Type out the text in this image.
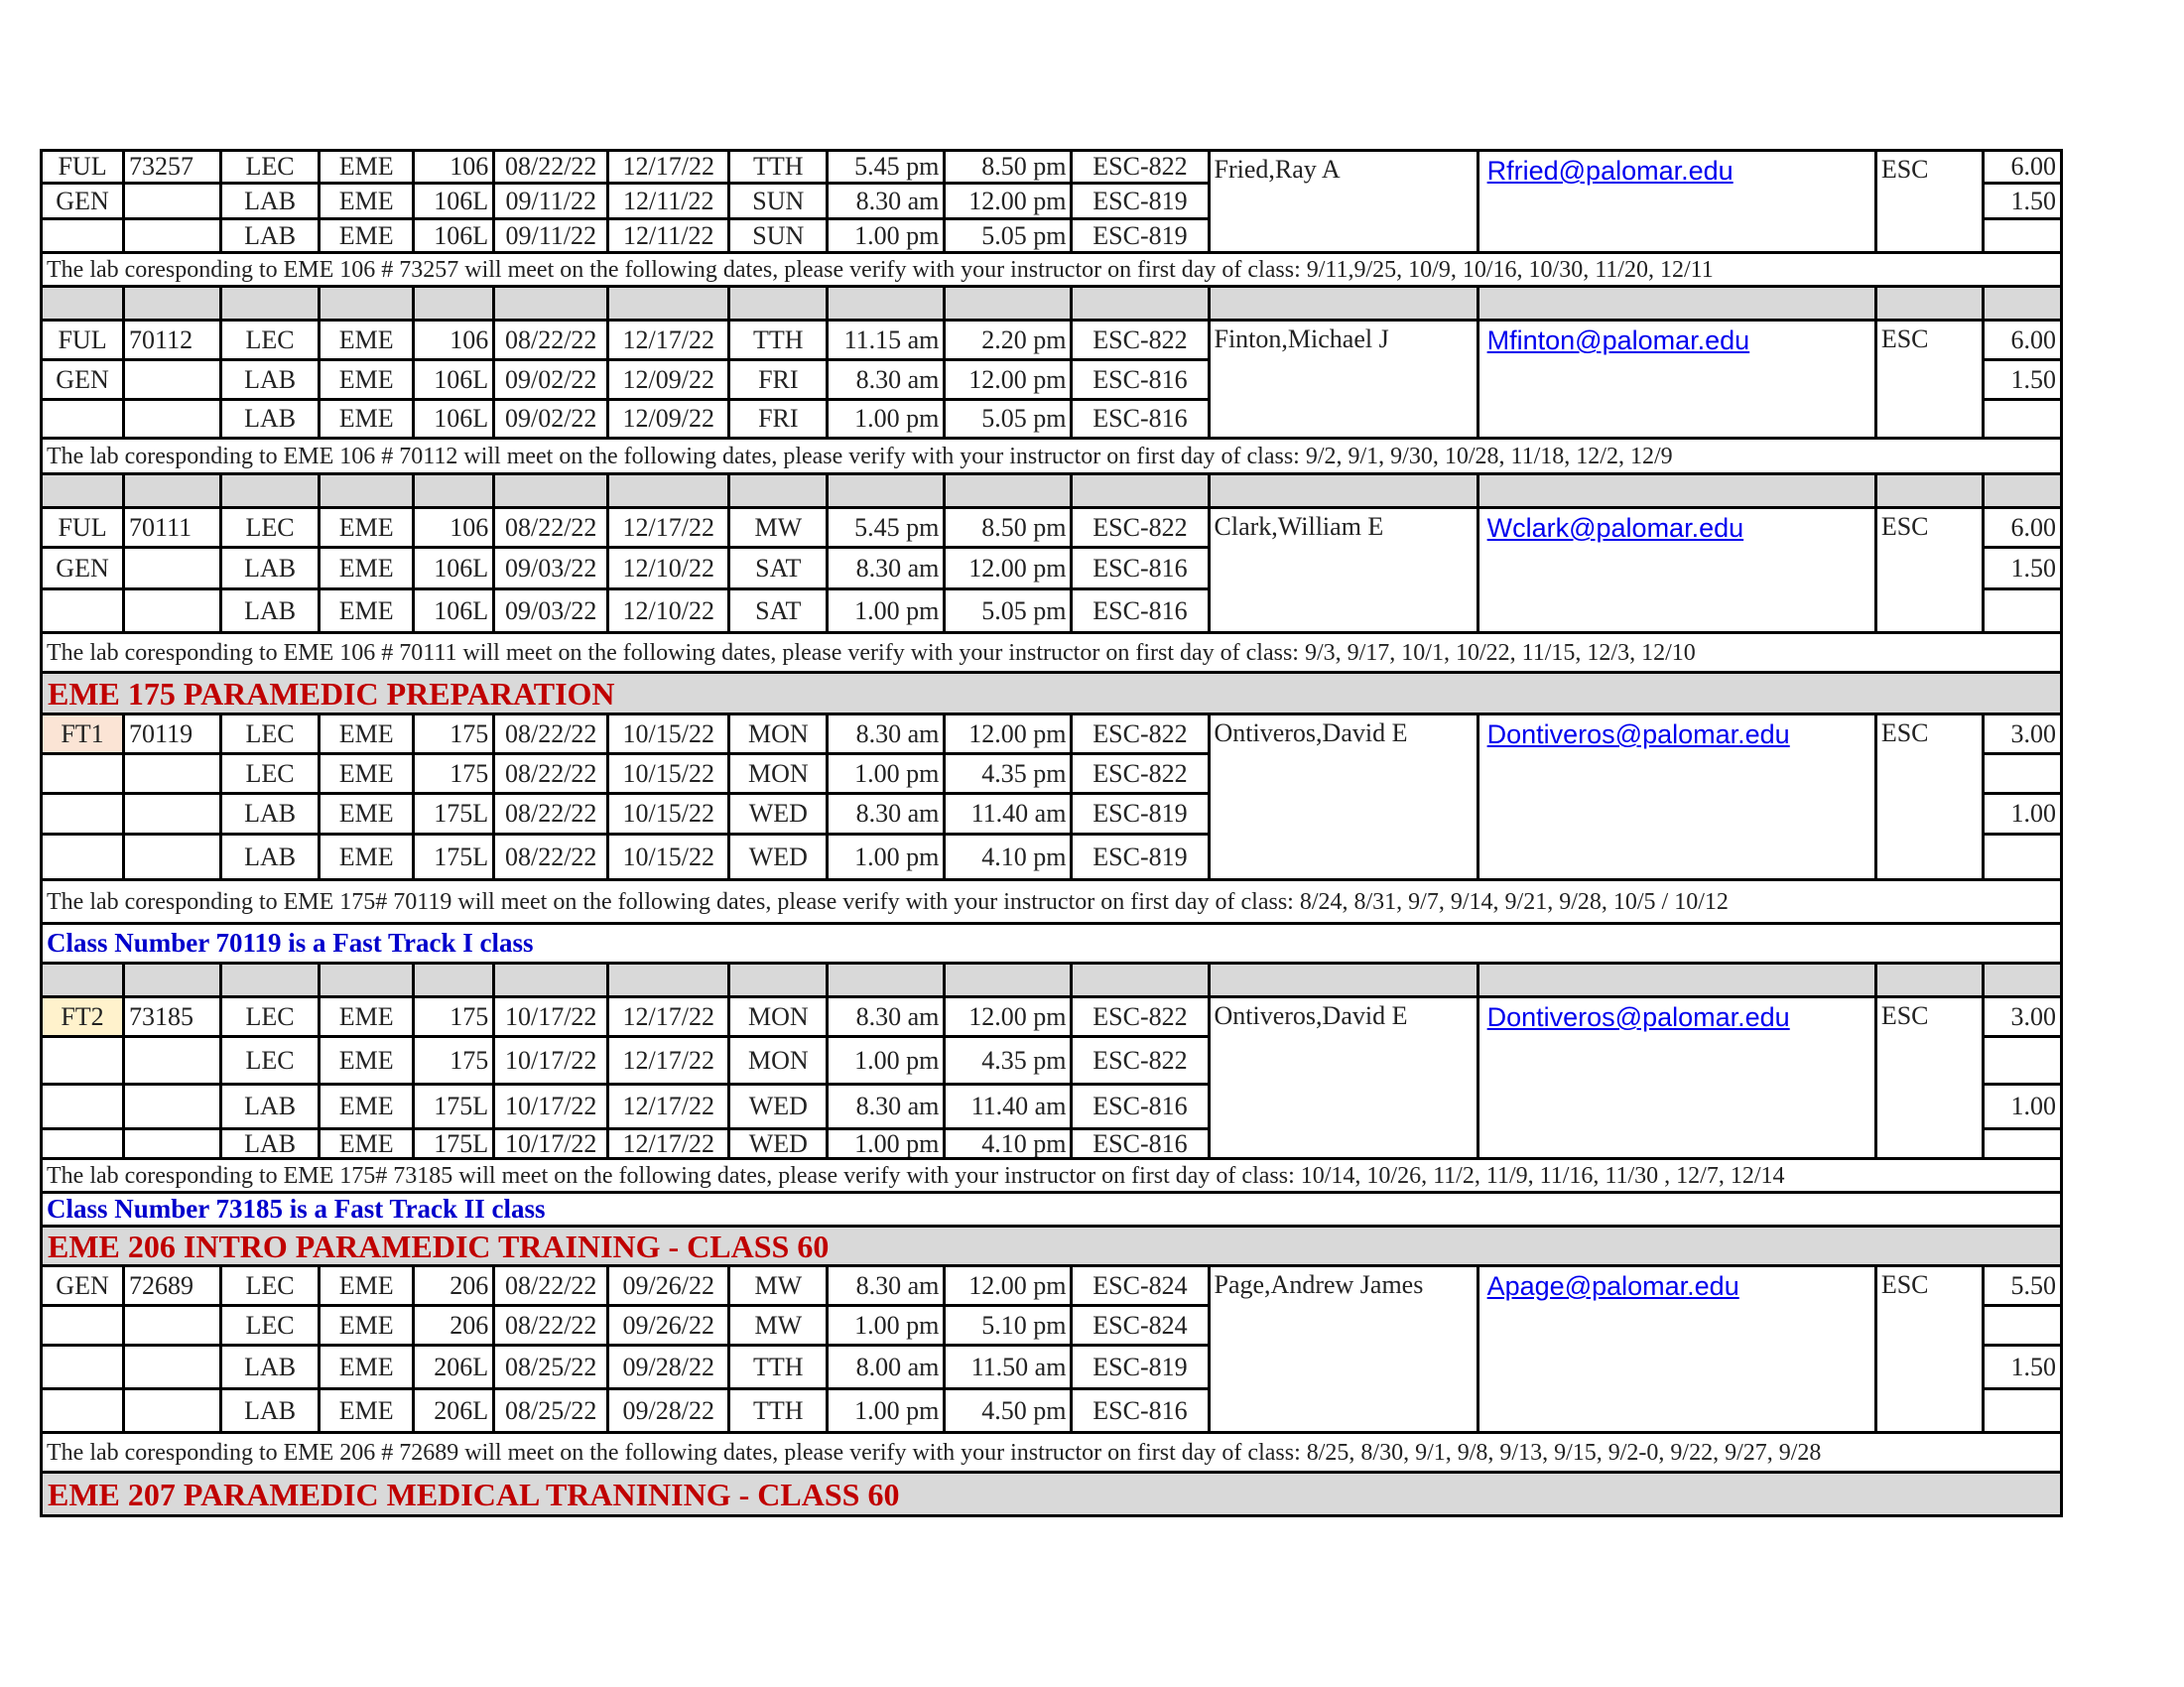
FUL	73257	LEC	EME	106	08/22/22	12/17/22	TTH	5.45 pm	8.50 pm	ESC-822	Fried,Ray A	Rfried@palomar.edu	ESC	6.00
GEN		LAB	EME	106L	09/11/22	12/11/22	SUN	8.30 am	12.00 pm	ESC-819				1.50
		LAB	EME	106L	09/11/22	12/11/22	SUN	1.00 pm	5.05 pm	ESC-819				
The lab coresponding to EME 106 # 73257 will meet on the following dates, please verify with your instructor on first day of class: 9/11,9/25, 10/9, 10/16, 10/30, 11/20, 12/11														

FUL	70112	LEC	EME	106	08/22/22	12/17/22	TTH	11.15 am	2.20 pm	ESC-822	Finton,Michael J	Mfinton@palomar.edu	ESC	6.00
GEN		LAB	EME	106L	09/02/22	12/09/22	FRI	8.30 am	12.00 pm	ESC-816				1.50
		LAB	EME	106L	09/02/22	12/09/22	FRI	1.00 pm	5.05 pm	ESC-816				
The lab coresponding to EME 106 # 70112 will meet on the following dates, please verify with your instructor on first day of class: 9/2, 9/1, 9/30, 10/28, 11/18, 12/2, 12/9														

FUL	70111	LEC	EME	106	08/22/22	12/17/22	MW	5.45 pm	8.50 pm	ESC-822	Clark,William E	Wclark@palomar.edu	ESC	6.00
GEN		LAB	EME	106L	09/03/22	12/10/22	SAT	8.30 am	12.00 pm	ESC-816				1.50
		LAB	EME	106L	09/03/22	12/10/22	SAT	1.00 pm	5.05 pm	ESC-816				
The lab coresponding to EME 106 # 70111 will meet on the following dates, please verify with your instructor on first day of class: 9/3, 9/17, 10/1, 10/22, 11/15, 12/3, 12/10														
EME 175 PARAMEDIC PREPARATION														
FT1	70119	LEC	EME	175	08/22/22	10/15/22	MON	8.30 am	12.00 pm	ESC-822	Ontiveros,David E	Dontiveros@palomar.edu	ESC	3.00
		LEC	EME	175	08/22/22	10/15/22	MON	1.00 pm	4.35 pm	ESC-822				
		LAB	EME	175L	08/22/22	10/15/22	WED	8.30 am	11.40 am	ESC-819				1.00
		LAB	EME	175L	08/22/22	10/15/22	WED	1.00 pm	4.10 pm	ESC-819				
The lab coresponding to EME 175# 70119 will meet on the following dates, please verify with your instructor on first day of class: 8/24, 8/31, 9/7, 9/14, 9/21, 9/28, 10/5 / 10/12														
Class Number 70119 is a Fast Track I class														

FT2	73185	LEC	EME	175	10/17/22	12/17/22	MON	8.30 am	12.00 pm	ESC-822	Ontiveros,David E	Dontiveros@palomar.edu	ESC	3.00
		LEC	EME	175	10/17/22	12/17/22	MON	1.00 pm	4.35 pm	ESC-822				
		LAB	EME	175L	10/17/22	12/17/22	WED	8.30 am	11.40 am	ESC-816				1.00
		LAB	EME	175L	10/17/22	12/17/22	WED	1.00 pm	4.10 pm	ESC-816				
The lab coresponding to EME 175# 73185 will meet on the following dates, please verify with your instructor on first day of class: 10/14, 10/26, 11/2, 11/9, 11/16, 11/30 , 12/7, 12/14														
Class Number 73185 is a Fast Track II class														
EME 206 INTRO PARAMEDIC TRAINING - CLASS 60														
GEN	72689	LEC	EME	206	08/22/22	09/26/22	MW	8.30 am	12.00 pm	ESC-824	Page,Andrew James	Apage@palomar.edu	ESC	5.50
		LEC	EME	206	08/22/22	09/26/22	MW	1.00 pm	5.10 pm	ESC-824				
		LAB	EME	206L	08/25/22	09/28/22	TTH	8.00 am	11.50 am	ESC-819				1.50
		LAB	EME	206L	08/25/22	09/28/22	TTH	1.00 pm	4.50 pm	ESC-816				
The lab coresponding to EME 206 # 72689 will meet on the following dates, please verify with your instructor on first day of class: 8/25, 8/30, 9/1, 9/8, 9/13, 9/15, 9/2-0, 9/22, 9/27, 9/28														
EME 207 PARAMEDIC MEDICAL TRANINING - CLASS 60														
